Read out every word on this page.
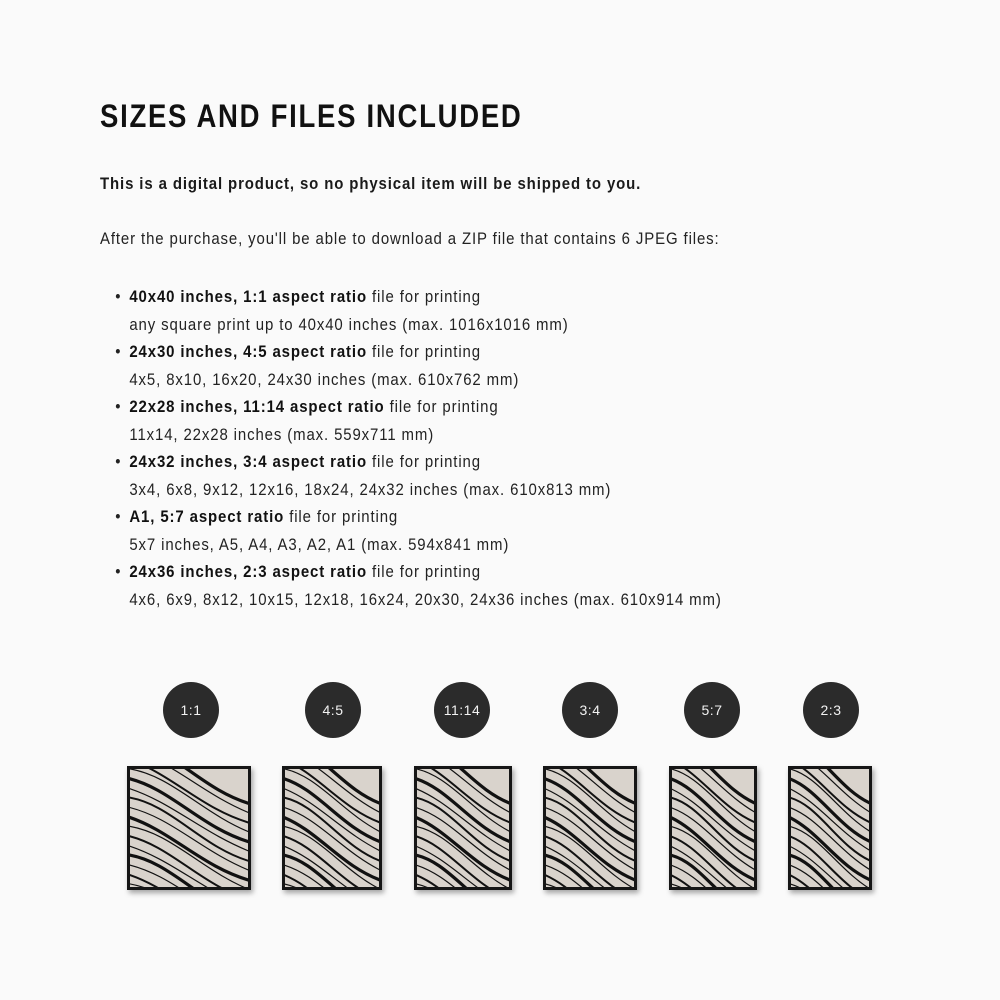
SIZES AND FILES INCLUDED

This is a digital product, so no physical item will be shipped to you.

After the purchase, you'll be able to download a ZIP file that contains 6 JPEG files:

• 40x40 inches, 1:1 aspect ratio file for printing
any square print up to 40x40 inches (max. 1016x1016 mm)
• 24x30 inches, 4:5 aspect ratio file for printing
4x5, 8x10, 16x20, 24x30 inches (max. 610x762 mm)
• 22x28 inches, 11:14 aspect ratio file for printing
11x14, 22x28 inches (max. 559x711 mm)
• 24x32 inches, 3:4 aspect ratio file for printing
3x4, 6x8, 9x12, 12x16, 18x24, 24x32 inches (max. 610x813 mm)
• A1, 5:7 aspect ratio file for printing
5x7 inches, A5, A4, A3, A2, A1 (max. 594x841 mm)
• 24x36 inches, 2:3 aspect ratio file for printing
4x6, 6x9, 8x12, 10x15, 12x18, 16x24, 20x30, 24x36 inches (max. 610x914 mm)
1:1	4:5	11:14	3:4	5:7	2:3
